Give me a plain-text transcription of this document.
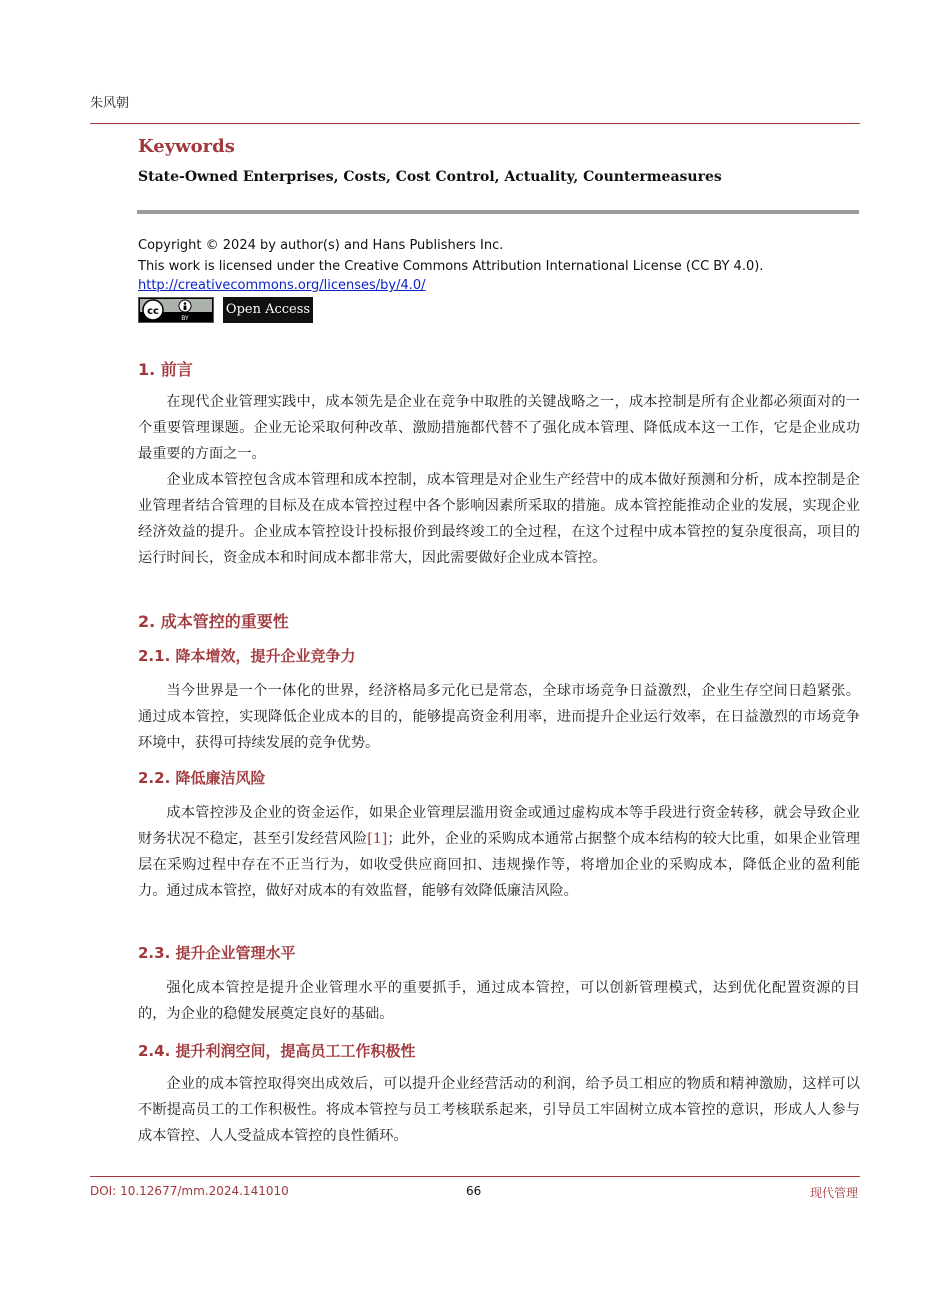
朱风朝
Keywords
State-Owned Enterprises, Costs, Cost Control, Actuality, Countermeasures
Copyright © 2024 by author(s) and Hans Publishers Inc.
This work is licensed under the Creative Commons Attribution International License (CC BY 4.0).
http://creativecommons.org/licenses/by/4.0/
cc
BY
Open Access
1. 前言
在现代企业管理实践中，成本领先是企业在竞争中取胜的关键战略之一，成本控制是所有企业都必须面对的一个重要管理课题。企业无论采取何种改革、激励措施都代替不了强化成本管理、降低成本这一工作，它是企业成功最重要的方面之一。
企业成本管控包含成本管理和成本控制，成本管理是对企业生产经营中的成本做好预测和分析，成本控制是企业管理者结合管理的目标及在成本管控过程中各个影响因素所采取的措施。成本管控能推动企业的发展，实现企业经济效益的提升。企业成本管控设计投标报价到最终竣工的全过程，在这个过程中成本管控的复杂度很高，项目的运行时间长，资金成本和时间成本都非常大，因此需要做好企业成本管控。
2. 成本管控的重要性
2.1. 降本增效，提升企业竞争力
当今世界是一个一体化的世界，经济格局多元化已是常态，全球市场竞争日益激烈，企业生存空间日趋紧张。通过成本管控，实现降低企业成本的目的，能够提高资金利用率，进而提升企业运行效率，在日益激烈的市场竞争环境中，获得可持续发展的竞争优势。
2.2. 降低廉洁风险
成本管控涉及企业的资金运作，如果企业管理层滥用资金或通过虚构成本等手段进行资金转移，就会导致企业财务状况不稳定，甚至引发经营风险[1]；此外，企业的采购成本通常占据整个成本结构的较大比重，如果企业管理层在采购过程中存在不正当行为，如收受供应商回扣、违规操作等，将增加企业的采购成本，降低企业的盈利能力。通过成本管控，做好对成本的有效监督，能够有效降低廉洁风险。
2.3. 提升企业管理水平
强化成本管控是提升企业管理水平的重要抓手，通过成本管控，可以创新管理模式，达到优化配置资源的目的，为企业的稳健发展奠定良好的基础。
2.4. 提升利润空间，提高员工工作积极性
企业的成本管控取得突出成效后，可以提升企业经营活动的利润，给予员工相应的物质和精神激励，这样可以不断提高员工的工作积极性。将成本管控与员工考核联系起来，引导员工牢固树立成本管控的意识，形成人人参与成本管控、人人受益成本管控的良性循环。
DOI: 10.12677/mm.2024.141010	66	现代管理
